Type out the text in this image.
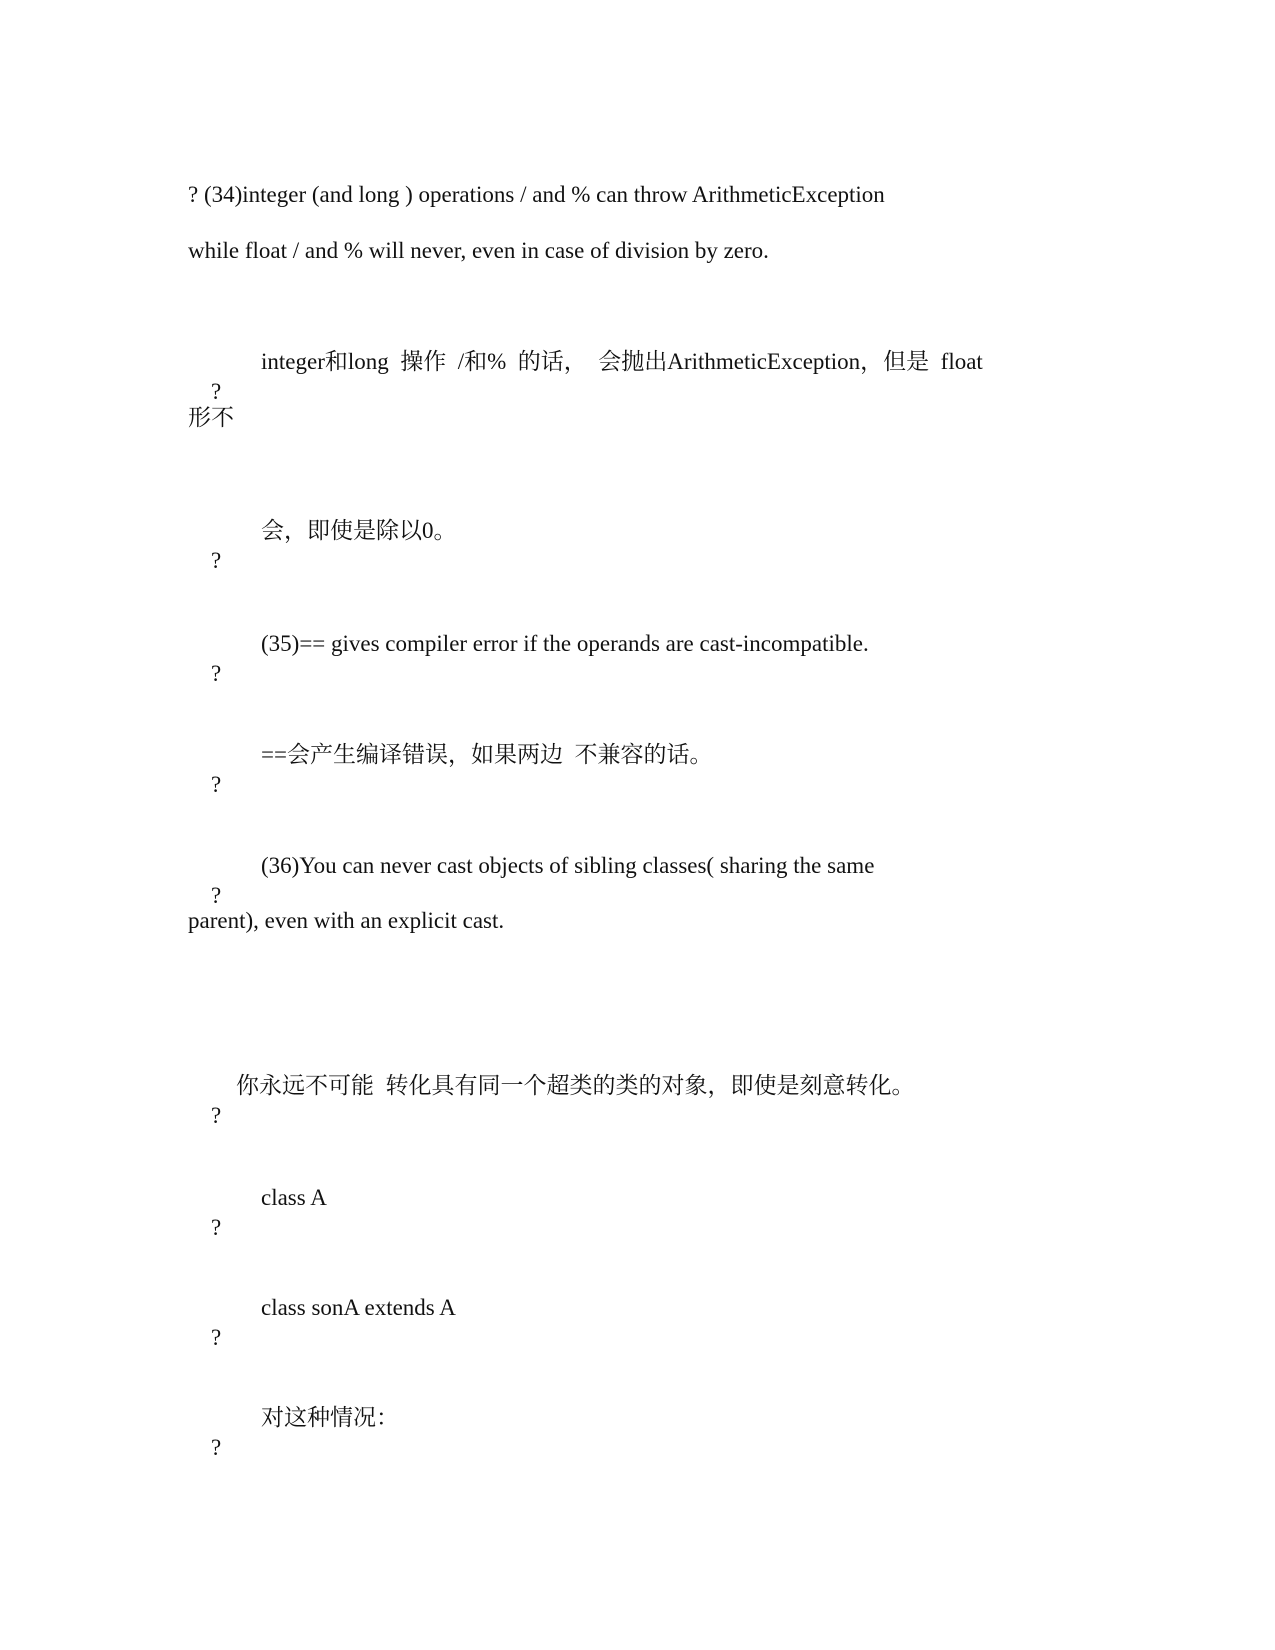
? (34)integer (and long ) operations / and % can throw ArithmeticException
while float / and % will never, even in case of division by zero.

?

integer和long  操作  /和%  的话，  会抛出ArithmeticException，但是  float

形不

?

会，即使是除以0。

?

(35)== gives compiler error if the operands are cast-incompatible.

?

==会产生编译错误，如果两边  不兼容的话。

?

(36)You can never cast objects of sibling classes( sharing the same

parent), even with an explicit cast.

?

你永远不可能  转化具有同一个超类的类的对象，即使是刻意转化。

?

class A

?

class sonA extends A

?

对这种情况：
